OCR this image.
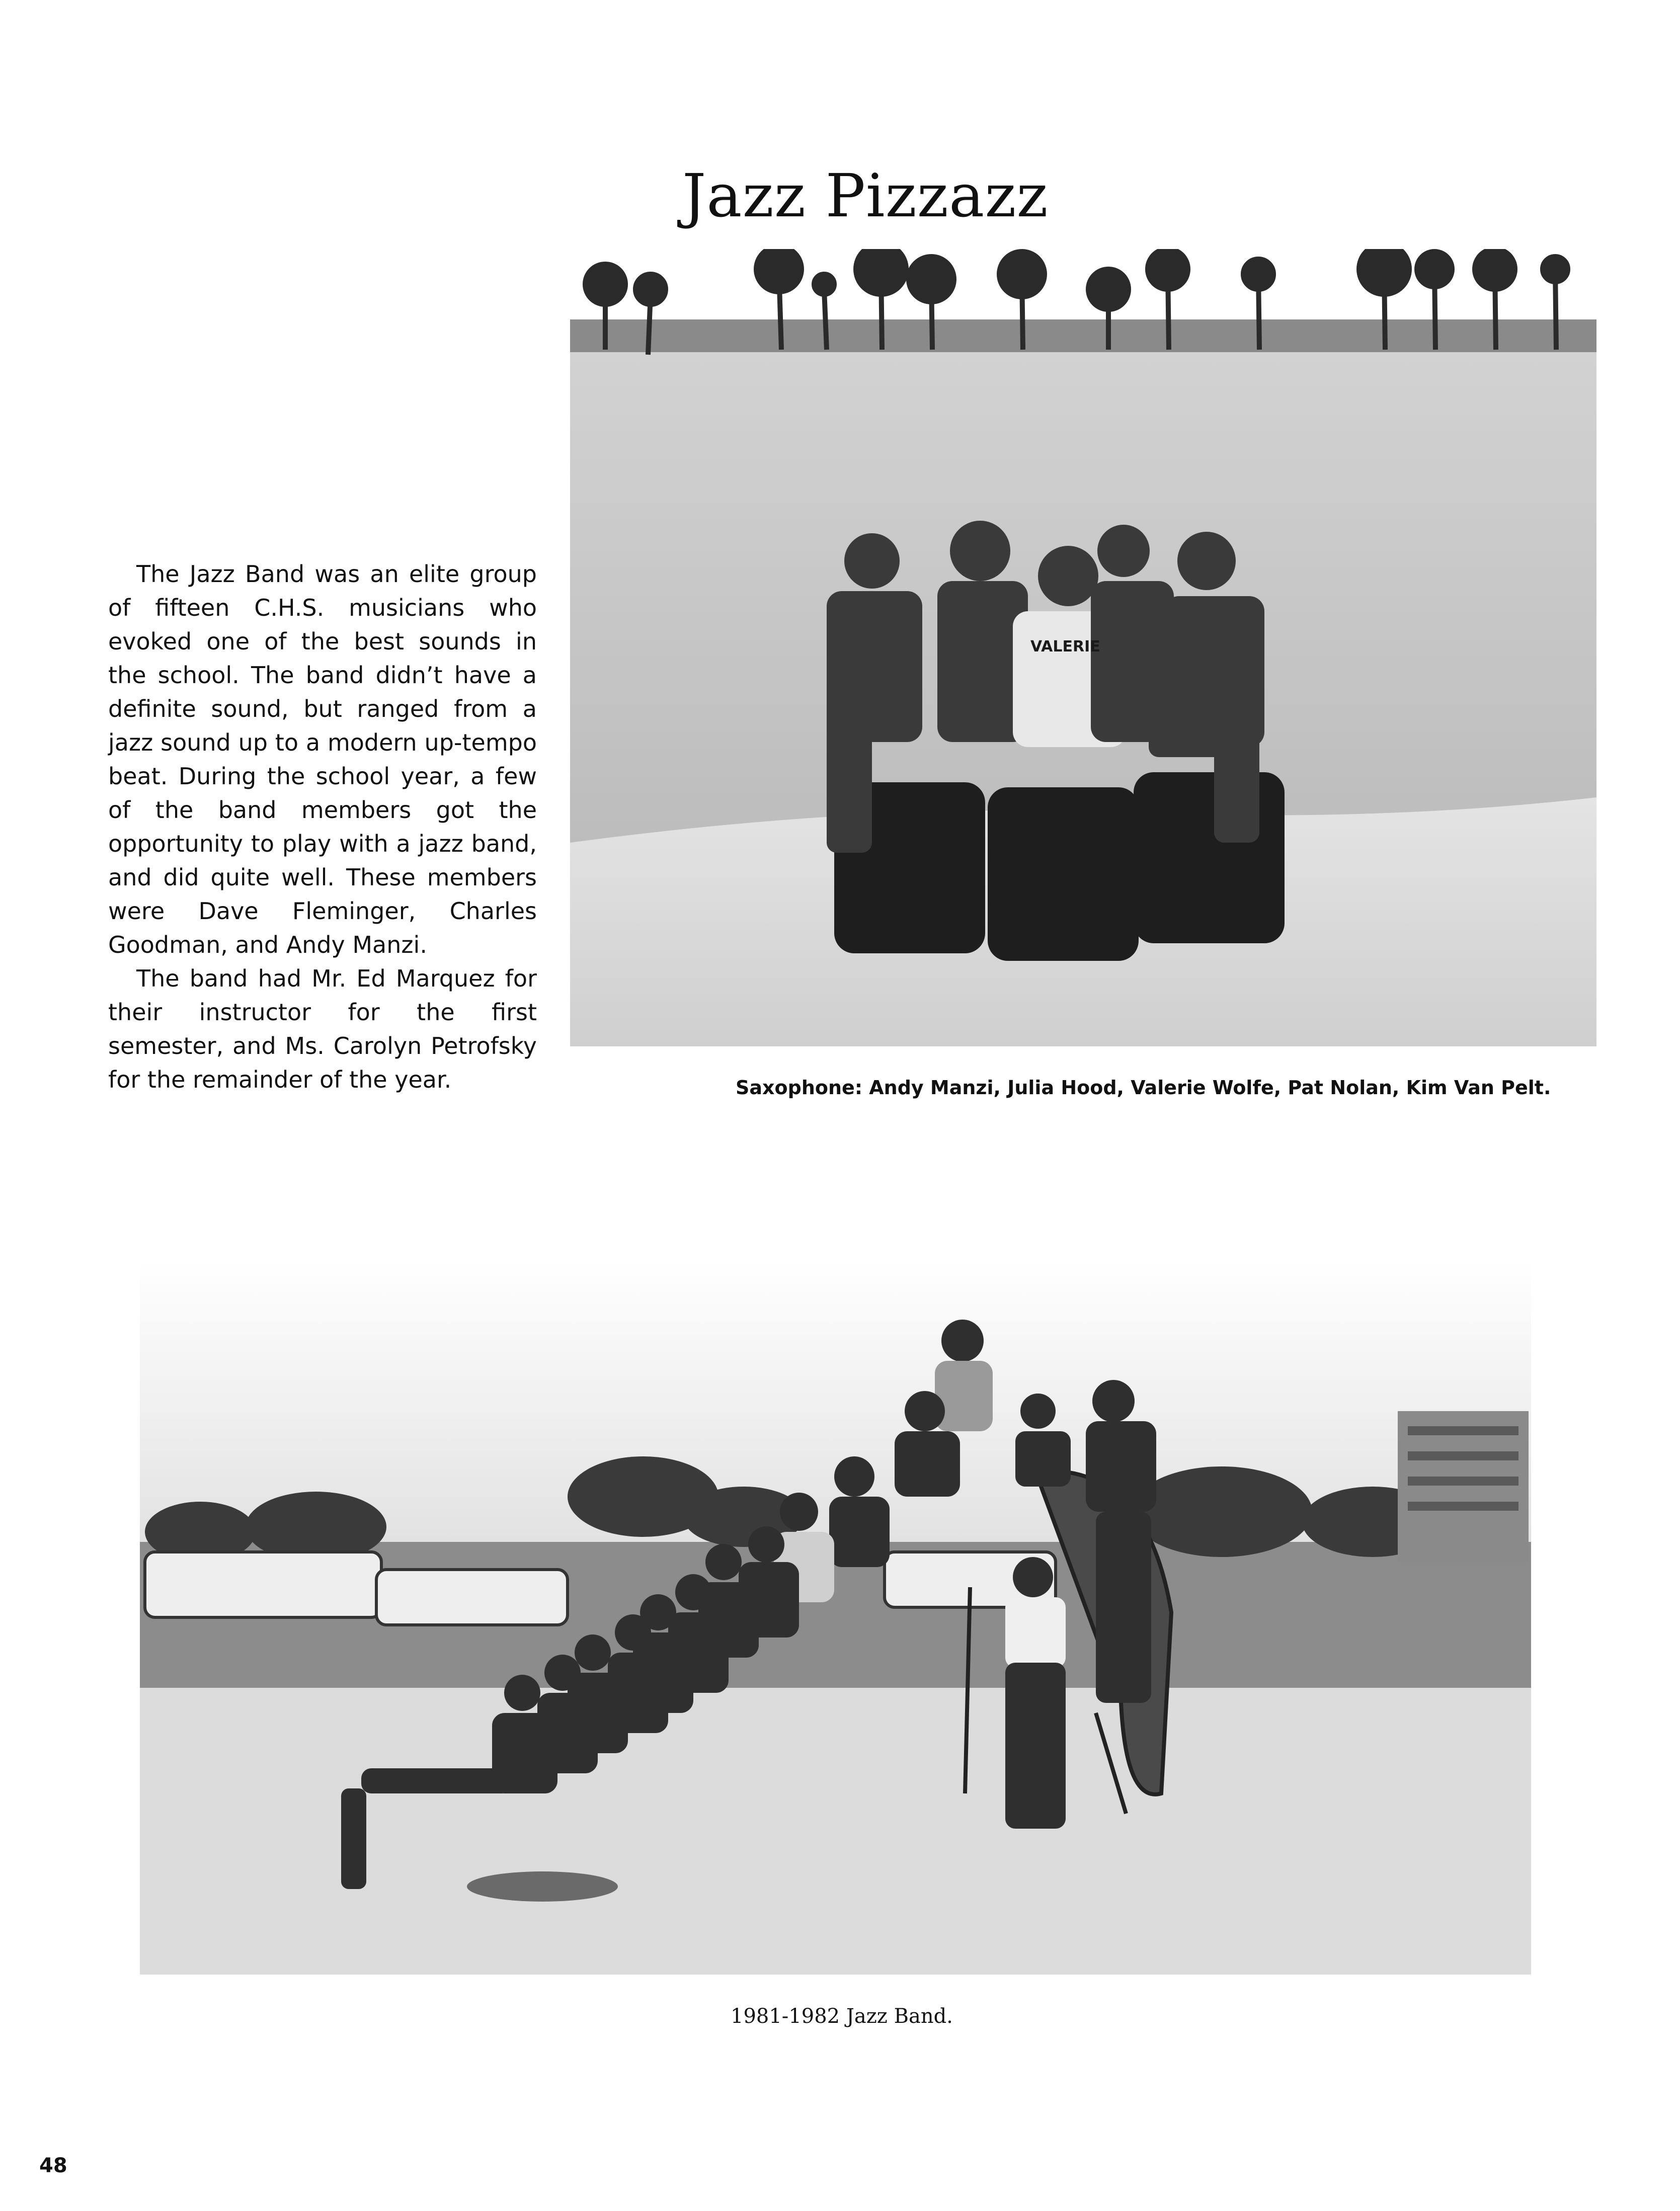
Jazz Pizzazz

The Jazz Band was an elite group of fifteen C.H.S. musicians who evoked one of the best sounds in the school. The band didn’t have a definite sound, but ranged from a jazz sound up to a modern up-tempo beat. During the school year, a few of the band members got the opportunity to play with a jazz band, and did quite well. These members were Dave Fleminger, Charles Goodman, and Andy Manzi.

The band had Mr. Ed Marquez for their instructor for the first semester, and Ms. Carolyn Petrofsky for the remainder of the year.

VALERIE
Saxophone: Andy Manzi, Julia Hood, Valerie Wolfe, Pat Nolan, Kim Van Pelt.
1981-1982 Jazz Band.
48
